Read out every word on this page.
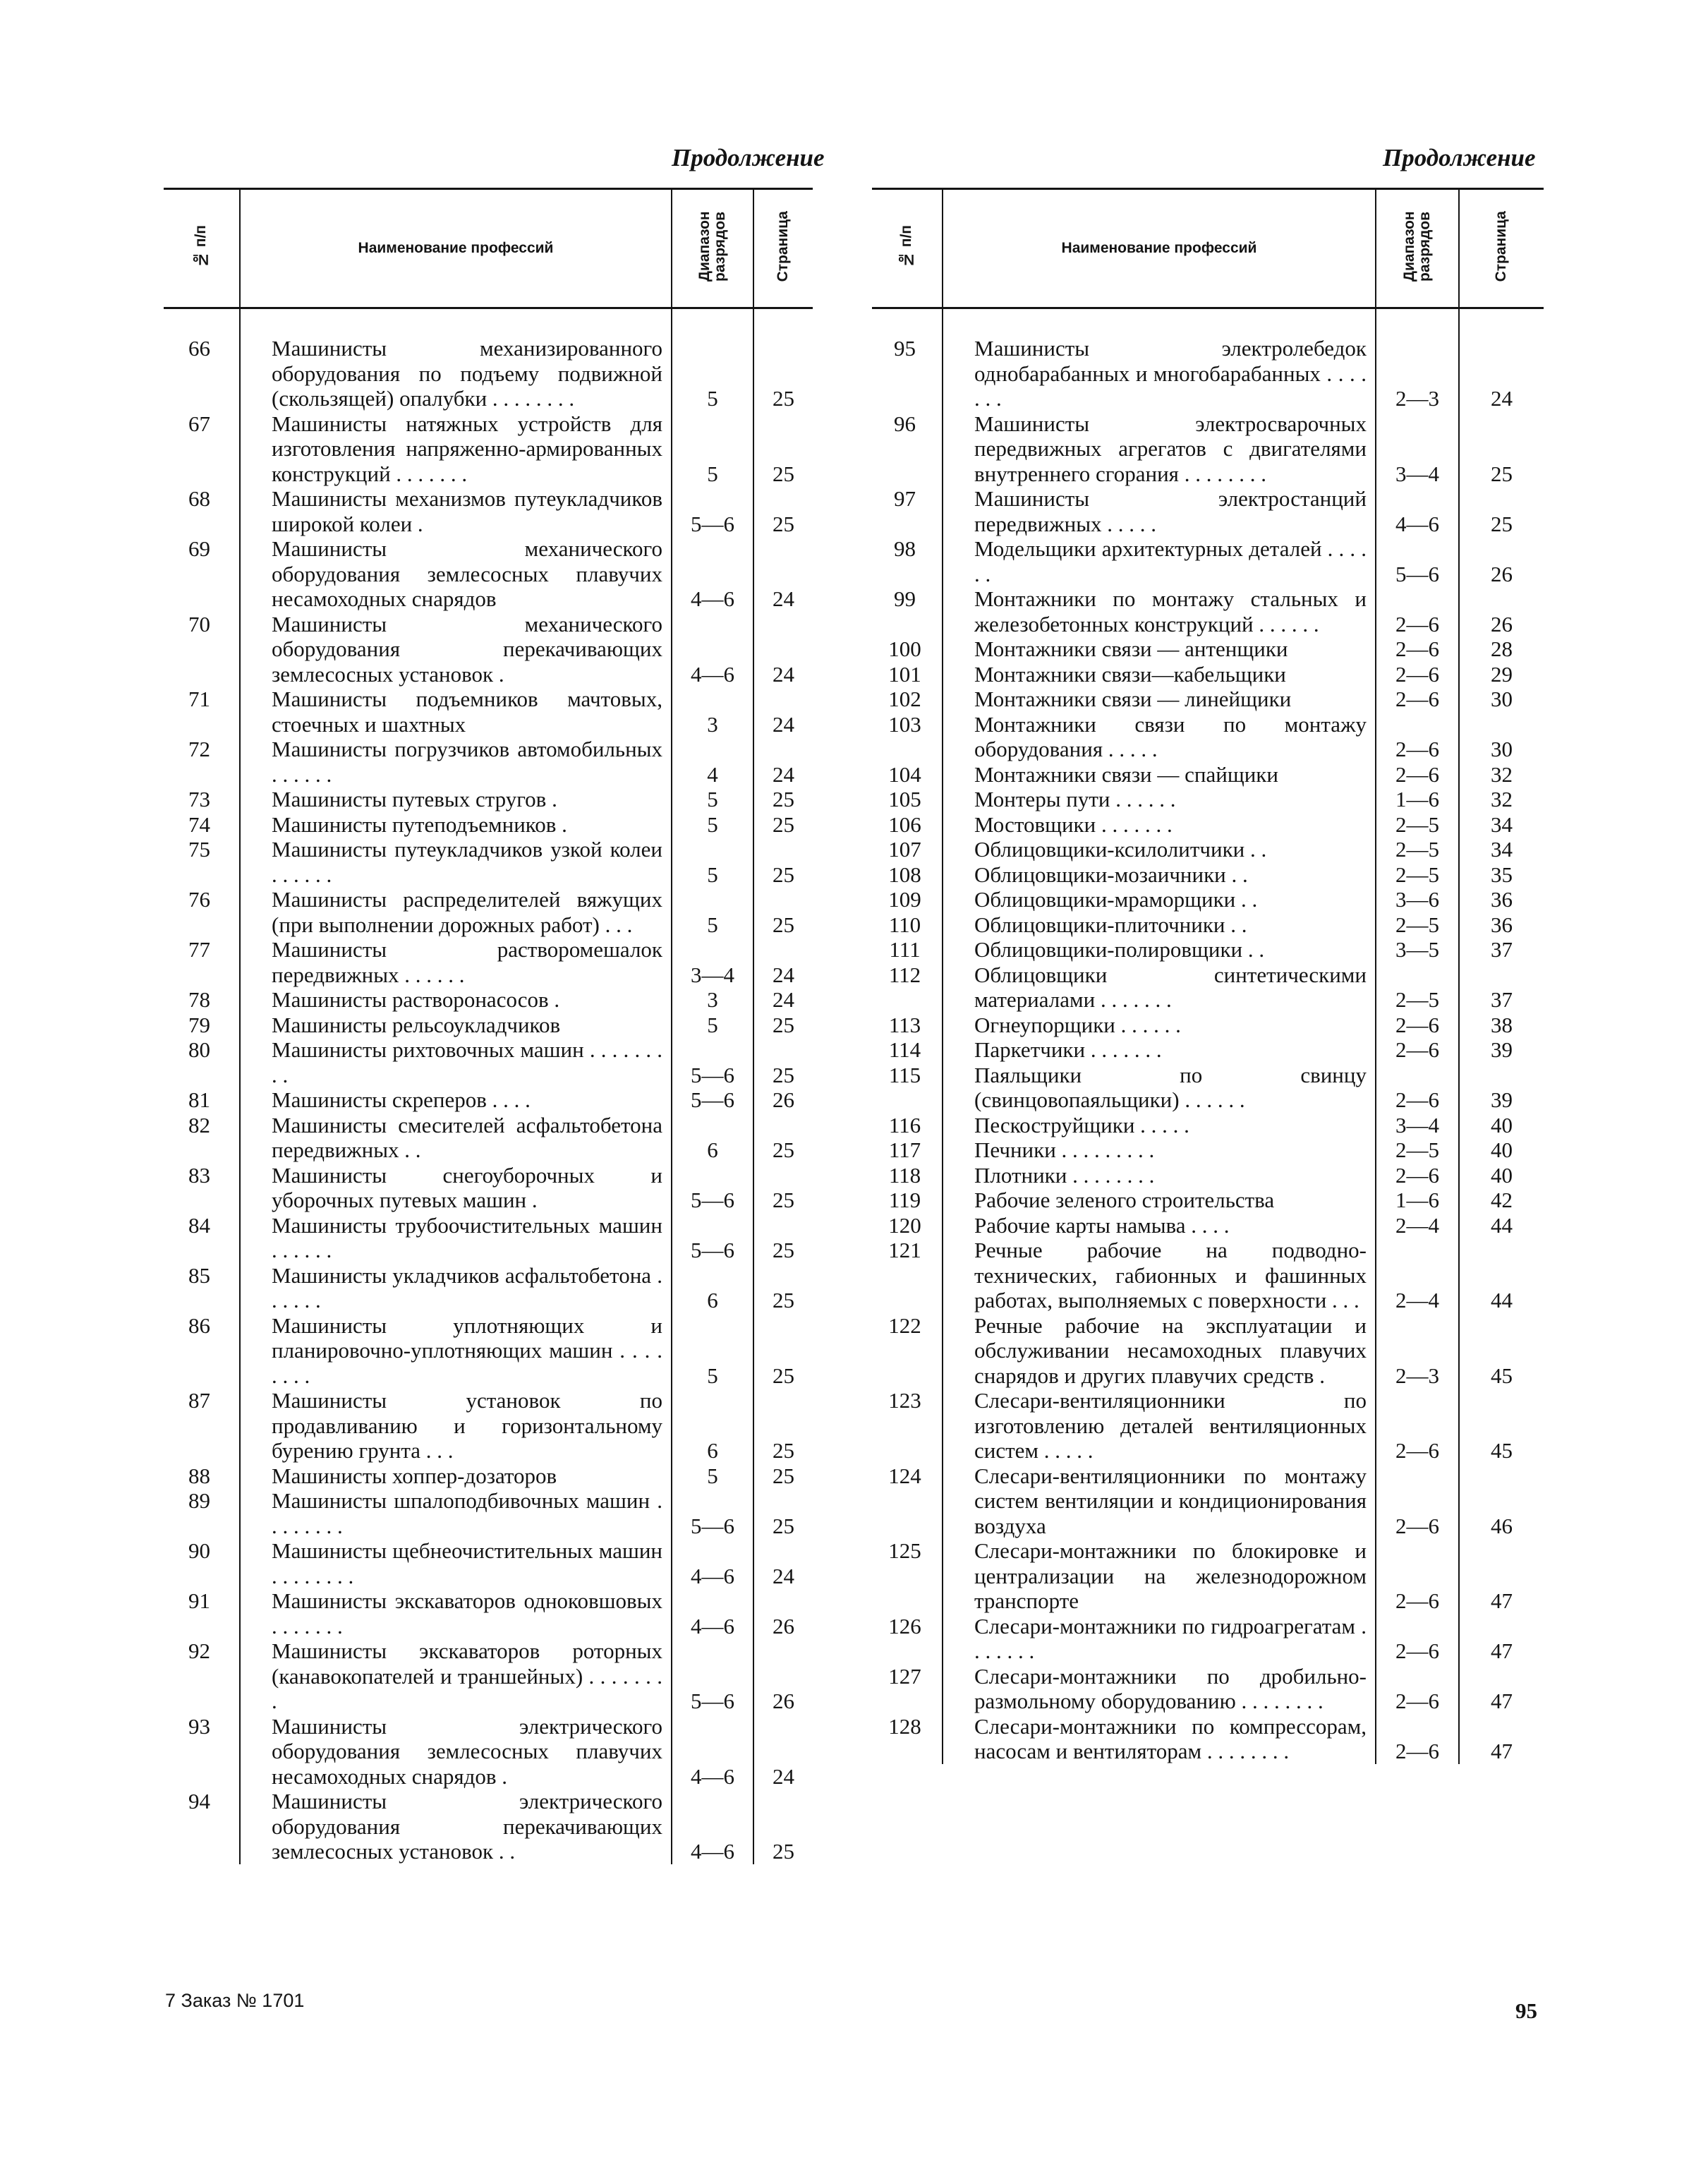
Продолжение	Продолжение
№ п/п	Наименование профессий	Диапазон разрядов	Страница
66	Машинисты механизированного оборудования по подъему подвижной (скользящей) опалубки . . . . . . . .	5	25
67	Машинисты натяжных устройств для изготовления напряженно-армированных конструкций . . . . . . .	5	25
68	Машинисты механизмов путеукладчиков широкой колеи .	5—6	25
69	Машинисты механического оборудования землесосных плавучих несамоходных снарядов	4—6	24
70	Машинисты механического оборудования перекачивающих землесосных установок .	4—6	24
71	Машинисты подъемников мачтовых, стоечных и шахтных	3	24
72	Машинисты погрузчиков автомобильных . . . . . .	4	24
73	Машинисты путевых стругов .	5	25
74	Машинисты путеподъемников .	5	25
75	Машинисты путеукладчиков узкой колеи . . . . . .	5	25
76	Машинисты распределителей вяжущих (при выполнении дорожных работ) . . .	5	25
77	Машинисты растворомешалок передвижных . . . . . .	3—4	24
78	Машинисты растворонасосов .	3	24
79	Машинисты рельсоукладчиков	5	25
80	Машинисты рихтовочных машин . . . . . . . . .	5—6	25
81	Машинисты скреперов . . . .	5—6	26
82	Машинисты смесителей асфальтобетона передвижных . .	6	25
83	Машинисты снегоуборочных и уборочных путевых машин .	5—6	25
84	Машинисты трубоочистительных машин . . . . . .	5—6	25
85	Машинисты укладчиков асфальтобетона . . . . . .	6	25
86	Машинисты уплотняющих и планировочно-уплотняющих машин . . . . . . . .	5	25
87	Машинисты установок по продавливанию и горизонтальному бурению грунта . . .	6	25
88	Машинисты хоппер-дозаторов	5	25
89	Машинисты шпалоподбивочных машин . . . . . . . .	5—6	25
90	Машинисты щебнеочистительных машин . . . . . . . .	4—6	24
91	Машинисты экскаваторов одноковшовых . . . . . . .	4—6	26
92	Машинисты экскаваторов роторных (канавокопателей и траншейных) . . . . . . . .	5—6	26
93	Машинисты электрического оборудования землесосных плавучих несамоходных снарядов .	4—6	24
94	Машинисты электрического оборудования перекачивающих землесосных установок . .	4—6	25
№ п/п	Наименование профессий	Диапазон разрядов	Страница
95	Машинисты электролебедок однобарабанных и многобарабанных . . . . . . .	2—3	24
96	Машинисты электросварочных передвижных агрегатов с двигателями внутреннего сгорания . . . . . . . .	3—4	25
97	Машинисты электростанций передвижных . . . . .	4—6	25
98	Модельщики архитектурных деталей . . . . . .	5—6	26
99	Монтажники по монтажу стальных и железобетонных конструкций . . . . . .	2—6	26
100	Монтажники связи — антенщики	2—6	28
101	Монтажники связи—кабельщики	2—6	29
102	Монтажники связи — линейщики	2—6	30
103	Монтажники связи по монтажу оборудования . . . . .	2—6	30
104	Монтажники связи — спайщики	2—6	32
105	Монтеры пути . . . . . .	1—6	32
106	Мостовщики . . . . . . .	2—5	34
107	Облицовщики-ксилолитчики . .	2—5	34
108	Облицовщики-мозаичники . .	2—5	35
109	Облицовщики-мраморщики . .	3—6	36
110	Облицовщики-плиточники . .	2—5	36
111	Облицовщики-полировщики . .	3—5	37
112	Облицовщики синтетическими материалами . . . . . . .	2—5	37
113	Огнеупорщики . . . . . .	2—6	38
114	Паркетчики . . . . . . .	2—6	39
115	Паяльщики по свинцу (свинцовопаяльщики) . . . . . .	2—6	39
116	Пескоструйщики . . . . .	3—4	40
117	Печники . . . . . . . . .	2—5	40
118	Плотники . . . . . . . .	2—6	40
119	Рабочие зеленого строительства	1—6	42
120	Рабочие карты намыва . . . .	2—4	44
121	Речные рабочие на подводно-технических, габионных и фашинных работах, выполняемых с поверхности . . .	2—4	44
122	Речные рабочие на эксплуатации и обслуживании несамоходных плавучих снарядов и других плавучих средств .	2—3	45
123	Слесари-вентиляционники по изготовлению деталей вентиляционных систем . . . . .	2—6	45
124	Слесари-вентиляционники по монтажу систем вентиляции и кондиционирования воздуха	2—6	46
125	Слесари-монтажники по блокировке и централизации на железнодорожном транспорте	2—6	47
126	Слесари-монтажники по гидроагрегатам . . . . . . .	2—6	47
127	Слесари-монтажники по дробильно-размольному оборудованию . . . . . . . .	2—6	47
128	Слесари-монтажники по компрессорам, насосам и вентиляторам . . . . . . . .	2—6	47
7 Заказ № 1701	95
